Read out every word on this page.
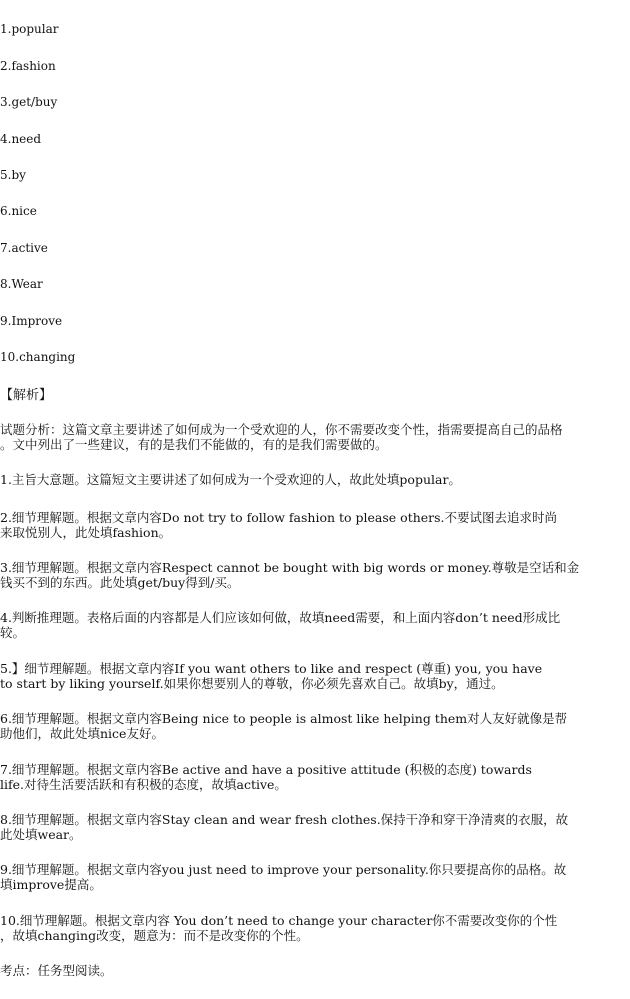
1.popular
2.fashion
3.get/buy
4.need
5.by
6.nice
7.active
8.Wear
9.Improve
10.changing
【解析】
试题分析：这篇文章主要讲述了如何成为一个受欢迎的人，你不需要改变个性，指需要提高自己的品格
。文中列出了一些建议，有的是我们不能做的，有的是我们需要做的。
1.主旨大意题。这篇短文主要讲述了如何成为一个受欢迎的人，故此处填popular。
2.细节理解题。根据文章内容Do not try to follow fashion to please others.不要试图去追求时尚
来取悦别人，此处填fashion。
3.细节理解题。根据文章内容Respect cannot be bought with big words or money.尊敬是空话和金
钱买不到的东西。此处填get/buy得到/买。
4.判断推理题。表格后面的内容都是人们应该如何做，故填need需要，和上面内容don’t need形成比
较。
5.】细节理解题。根据文章内容If you want others to like and respect (尊重) you, you have
to start by liking yourself.如果你想要别人的尊敬，你必须先喜欢自己。故填by，通过。
6.细节理解题。根据文章内容Being nice to people is almost like helping them对人友好就像是帮
助他们，故此处填nice友好。
7.细节理解题。根据文章内容Be active and have a positive attitude (积极的态度) towards
life.对待生活要活跃和有积极的态度，故填active。
8.细节理解题。根据文章内容Stay clean and wear fresh clothes.保持干净和穿干净清爽的衣服，故
此处填wear。
9.细节理解题。根据文章内容you just need to improve your personality.你只要提高你的品格。故
填improve提高。
10.细节理解题。根据文章内容 You don’t need to change your character你不需要改变你的个性
，故填changing改变，题意为：而不是改变你的个性。
考点：任务型阅读。
